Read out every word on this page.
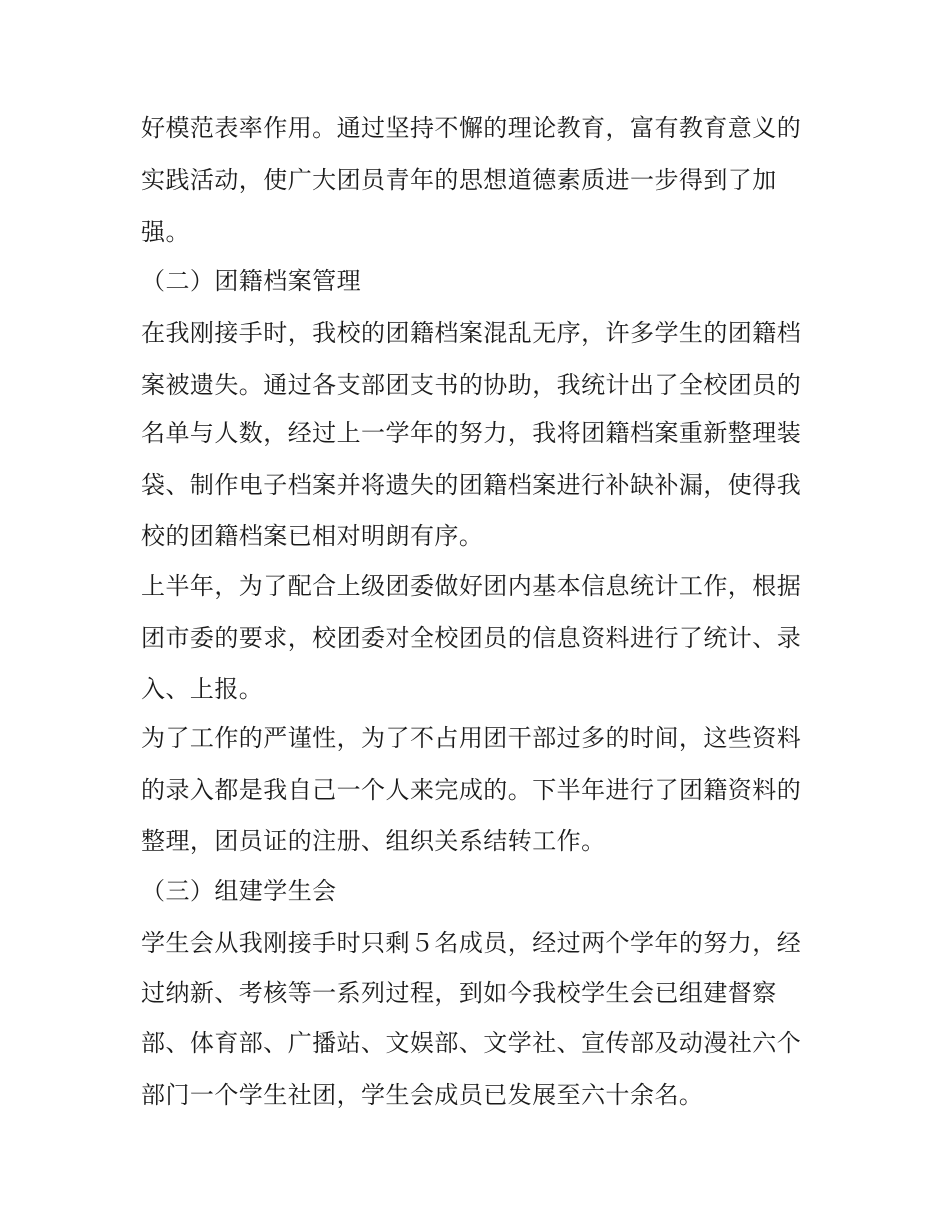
好模范表率作用。通过坚持不懈的理论教育，富有教育意义的
实践活动，使广大团员青年的思想道德素质进一步得到了加
强。
（二）团籍档案管理
在我刚接手时，我校的团籍档案混乱无序，许多学生的团籍档
案被遗失。通过各支部团支书的协助，我统计出了全校团员的
名单与人数，经过上一学年的努力，我将团籍档案重新整理装
袋、制作电子档案并将遗失的团籍档案进行补缺补漏，使得我
校的团籍档案已相对明朗有序。
上半年，为了配合上级团委做好团内基本信息统计工作，根据
团市委的要求，校团委对全校团员的信息资料进行了统计、录
入、上报。
为了工作的严谨性，为了不占用团干部过多的时间，这些资料
的录入都是我自己一个人来完成的。下半年进行了团籍资料的
整理，团员证的注册、组织关系结转工作。
（三）组建学生会
学生会从我刚接手时只剩５名成员，经过两个学年的努力，经
过纳新、考核等一系列过程，到如今我校学生会已组建督察
部、体育部、广播站、文娱部、文学社、宣传部及动漫社六个
部门一个学生社团，学生会成员已发展至六十余名。
